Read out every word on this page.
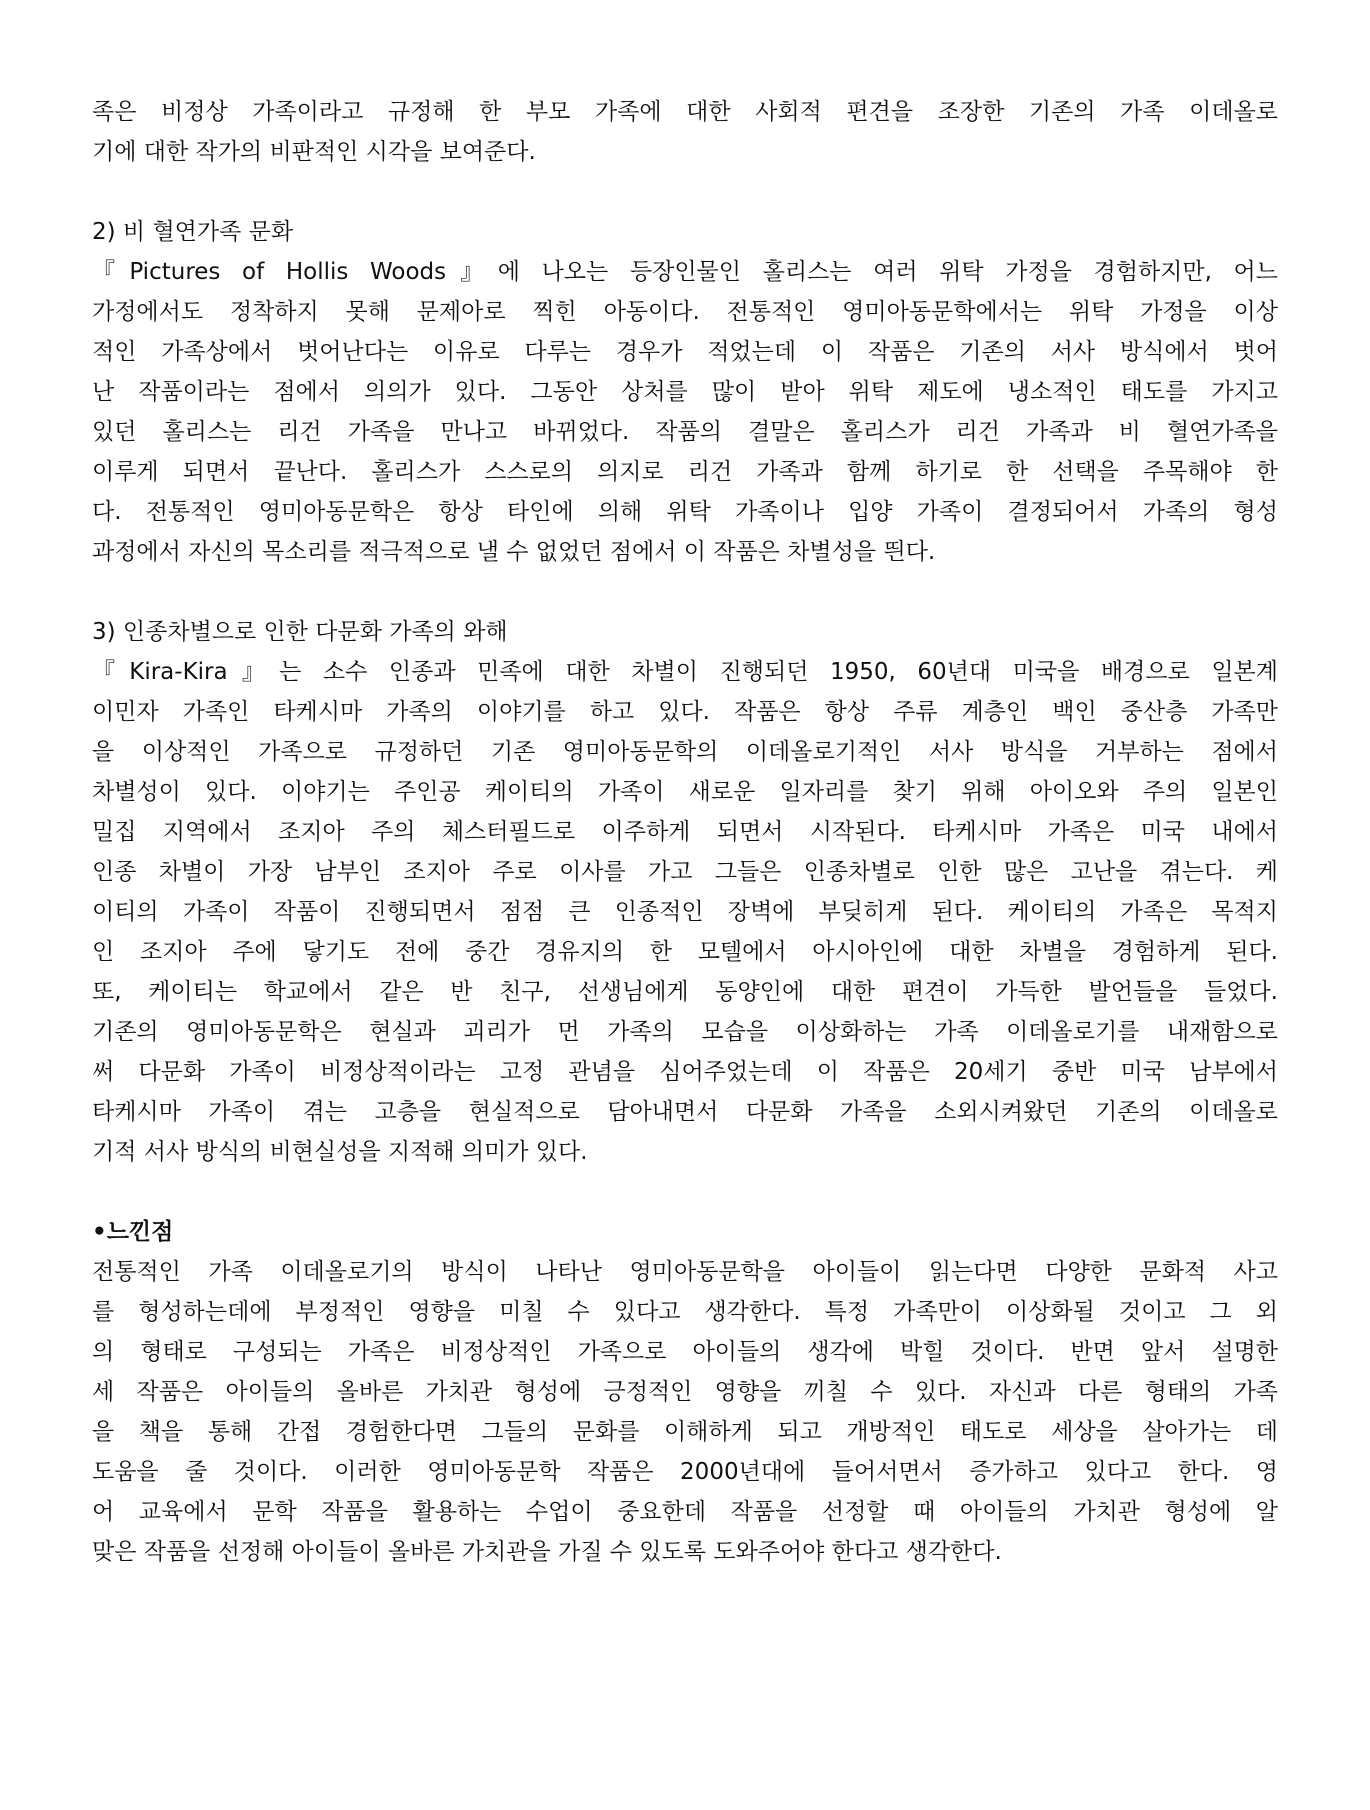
족은 비정상 가족이라고 규정해 한 부모 가족에 대한 사회적 편견을 조장한 기존의 가족 이데올로
기에 대한 작가의 비판적인 시각을 보여준다.
2) 비 혈연가족 문화
『Pictures of Hollis Woods』에 나오는 등장인물인 홀리스는 여러 위탁 가정을 경험하지만, 어느
가정에서도 정착하지 못해 문제아로 찍힌 아동이다. 전통적인 영미아동문학에서는 위탁 가정을 이상
적인 가족상에서 벗어난다는 이유로 다루는 경우가 적었는데 이 작품은 기존의 서사 방식에서 벗어
난 작품이라는 점에서 의의가 있다. 그동안 상처를 많이 받아 위탁 제도에 냉소적인 태도를 가지고
있던 홀리스는 리건 가족을 만나고 바뀌었다. 작품의 결말은 홀리스가 리건 가족과 비 혈연가족을
이루게 되면서 끝난다. 홀리스가 스스로의 의지로 리건 가족과 함께 하기로 한 선택을 주목해야 한
다. 전통적인 영미아동문학은 항상 타인에 의해 위탁 가족이나 입양 가족이 결정되어서 가족의 형성
과정에서 자신의 목소리를 적극적으로 낼 수 없었던 점에서 이 작품은 차별성을 띈다.
3) 인종차별으로 인한 다문화 가족의 와해
『Kira-Kira』는 소수 인종과 민족에 대한 차별이 진행되던 1950, 60년대 미국을 배경으로 일본계
이민자 가족인 타케시마 가족의 이야기를 하고 있다. 작품은 항상 주류 계층인 백인 중산층 가족만
을 이상적인 가족으로 규정하던 기존 영미아동문학의 이데올로기적인 서사 방식을 거부하는 점에서
차별성이 있다. 이야기는 주인공 케이티의 가족이 새로운 일자리를 찾기 위해 아이오와 주의 일본인
밀집 지역에서 조지아 주의 체스터필드로 이주하게 되면서 시작된다. 타케시마 가족은 미국 내에서
인종 차별이 가장 남부인 조지아 주로 이사를 가고 그들은 인종차별로 인한 많은 고난을 겪는다. 케
이티의 가족이 작품이 진행되면서 점점 큰 인종적인 장벽에 부딪히게 된다. 케이티의 가족은 목적지
인 조지아 주에 닿기도 전에 중간 경유지의 한 모텔에서 아시아인에 대한 차별을 경험하게 된다.
또, 케이티는 학교에서 같은 반 친구, 선생님에게 동양인에 대한 편견이 가득한 발언들을 들었다.
기존의 영미아동문학은 현실과 괴리가 먼 가족의 모습을 이상화하는 가족 이데올로기를 내재함으로
써 다문화 가족이 비정상적이라는 고정 관념을 심어주었는데 이 작품은 20세기 중반 미국 남부에서
타케시마 가족이 겪는 고층을 현실적으로 담아내면서 다문화 가족을 소외시켜왔던 기존의 이데올로
기적 서사 방식의 비현실성을 지적해 의미가 있다.
•느낀점
전통적인 가족 이데올로기의 방식이 나타난 영미아동문학을 아이들이 읽는다면 다양한 문화적 사고
를 형성하는데에 부정적인 영향을 미칠 수 있다고 생각한다. 특정 가족만이 이상화될 것이고 그 외
의 형태로 구성되는 가족은 비정상적인 가족으로 아이들의 생각에 박힐 것이다. 반면 앞서 설명한
세 작품은 아이들의 올바른 가치관 형성에 긍정적인 영향을 끼칠 수 있다. 자신과 다른 형태의 가족
을 책을 통해 간접 경험한다면 그들의 문화를 이해하게 되고 개방적인 태도로 세상을 살아가는 데
도움을 줄 것이다. 이러한 영미아동문학 작품은 2000년대에 들어서면서 증가하고 있다고 한다. 영
어 교육에서 문학 작품을 활용하는 수업이 중요한데 작품을 선정할 때 아이들의 가치관 형성에 알
맞은 작품을 선정해 아이들이 올바른 가치관을 가질 수 있도록 도와주어야 한다고 생각한다.
